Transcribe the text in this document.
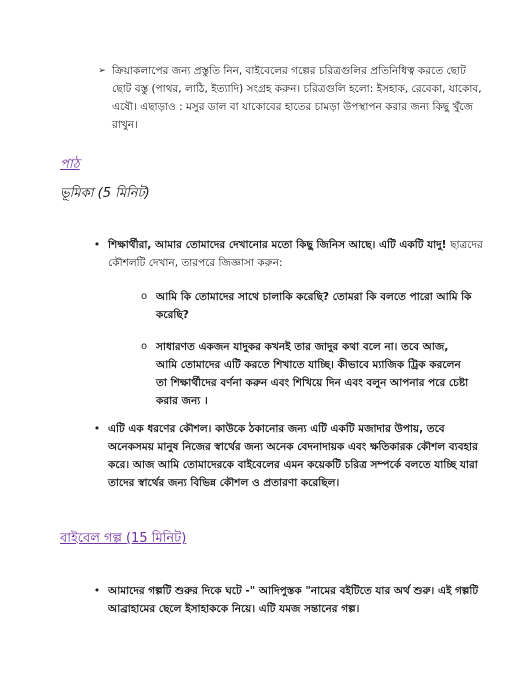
➢ ক্রিয়াকলাপের জন্য প্রস্তুতি নিন, বাইবেলের গল্পের চরিত্রগুলির প্রতিনিধিত্ব করতে ছোট ছোট বস্তু (পাথর, লাঠি, ইত্যাদি) সংগ্রহ করুন। চরিত্রগুলি হলো: ইসহাক, রেবেকা, যাকোব, এষৌ। এছাড়াও : মসুর ডাল বা যাকোবের হাতের চামড়া উপস্থাপন করার জন্য কিছু খুঁজে রাখুন।
পাঠ
ভূমিকা (5 মিনিট)
• শিক্ষার্থীরা, আমার তোমাদের দেখানোর মতো কিছু জিনিস আছে। এটি একটি যাদু! ছাত্রদের কৌশলটি দেখান, তারপরে জিজ্ঞাসা করুন:
o আমি কি তোমাদের সাথে চালাকি করেছি? তোমরা কি বলতে পারো আমি কি করেছি?
o সাধারণত একজন যাদুকর কখনই তার জাদুর কথা বলে না। তবে আজ, আমি তোমাদের এটি করতে শিখাতে যাচ্ছি। কীভাবে ম্যাজিক ট্রিক করলেন তা শিক্ষার্থীদের বর্ণনা করুন এবং শিখিয়ে দিন এবং বলুন আপনার পরে চেষ্টা করার জন্য ।
• এটি এক ধরণের কৌশল। কাউকে ঠকানোর জন্য এটি একটি মজাদার উপায়, তবে অনেকসময় মানুষ নিজের স্বার্থের জন্য অনেক বেদনাদায়ক এবং ক্ষতিকারক কৌশল ব্যবহার করে। আজ আমি তোমাদেরকে বাইবেলের এমন কয়েকটি চরিত্র সম্পর্কে বলতে যাচ্ছি যারা তাদের স্বার্থের জন্য বিভিন্ন কৌশল ও প্রতারণা করেছিল।
বাইবেল গল্প (15 মিনিট)
• আমাদের গল্পটি শুরুর দিকে ঘটে -" আদিপুস্তক "নামের বইটিতে যার অর্থ শুরু। এই গল্পটি আব্রাহামের ছেলে ইসাহাককে নিয়ে। এটি যমজ সন্তানের গল্প।
